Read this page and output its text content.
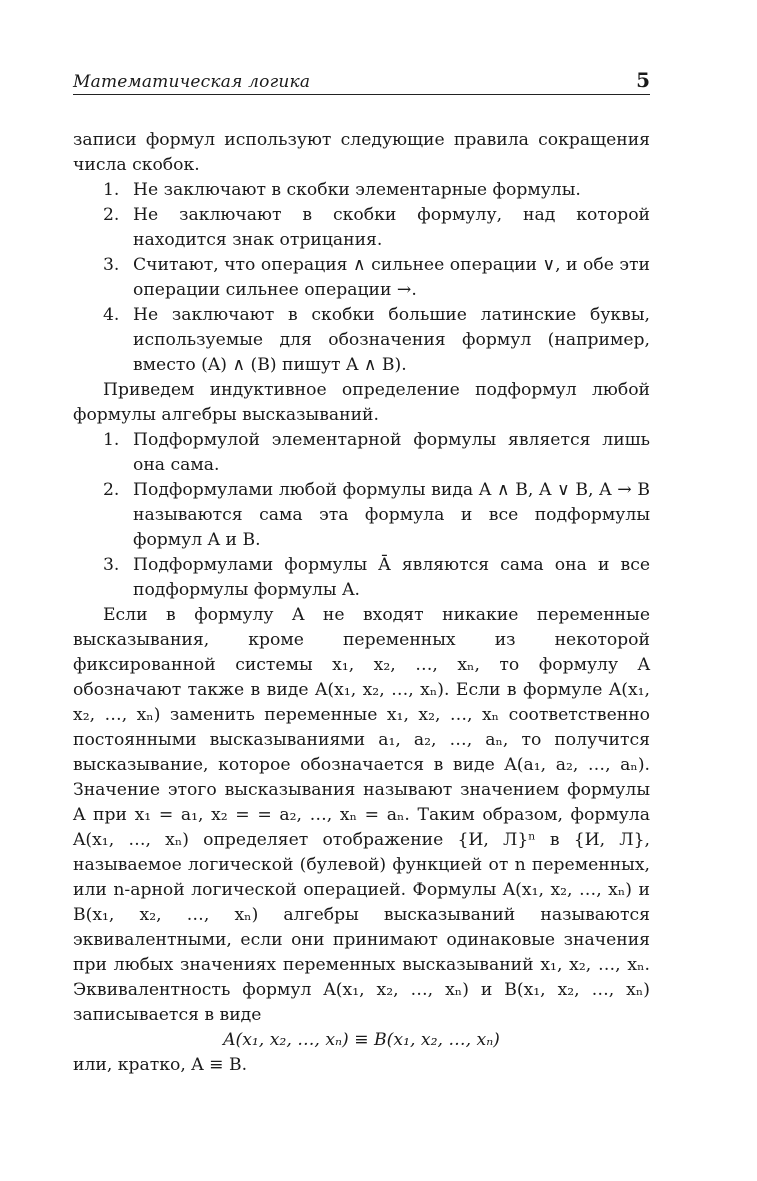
Математическая логика	5

записи формул используют следующие правила сокращения числа скобок.

1. Не заключают в скобки элементарные формулы.
2. Не заключают в скобки формулу, над которой находится знак отрицания.
3. Считают, что операция ∧ сильнее операции ∨, и обе эти операции сильнее операции →.
4. Не заключают в скобки большие латинские буквы, используемые для обозначения формул (например, вместо (A) ∧ (B) пишут A ∧ B).

Приведем индуктивное определение подформул любой формулы алгебры высказываний.

1. Подформулой элементарной формулы является лишь она сама.
2. Подформулами любой формулы вида A ∧ B, A ∨ B, A → B называются сама эта формула и все подформулы формул A и B.
3. Подформулами формулы Ā являются сама она и все подформулы формулы A.

Если в формулу A не входят никакие переменные высказывания, кроме переменных из некоторой фиксированной системы x₁, x₂, …, xₙ, то формулу A обозначают также в виде A(x₁, x₂, …, xₙ). Если в формуле A(x₁, x₂, …, xₙ) заменить переменные x₁, x₂, …, xₙ соответственно постоянными высказываниями a₁, a₂, …, aₙ, то получится высказывание, которое обозначается в виде A(a₁, a₂, …, aₙ). Значение этого высказывания называют значением формулы A при x₁ = a₁, x₂ = = a₂, …, xₙ = aₙ. Таким образом, формула A(x₁, …, xₙ) определяет отображение {И, Л}ⁿ в {И, Л}, называемое логической (булевой) функцией от n переменных, или n-арной логической операцией. Формулы A(x₁, x₂, …, xₙ) и B(x₁, x₂, …, xₙ) алгебры высказываний называются эквивалентными, если они принимают одинаковые значения при любых значениях переменных высказываний x₁, x₂, …, xₙ. Эквивалентность формул A(x₁, x₂, …, xₙ) и B(x₁, x₂, …, xₙ) записывается в виде

A(x₁, x₂, …, xₙ) ≡ B(x₁, x₂, …, xₙ)

или, кратко, A ≡ B.
